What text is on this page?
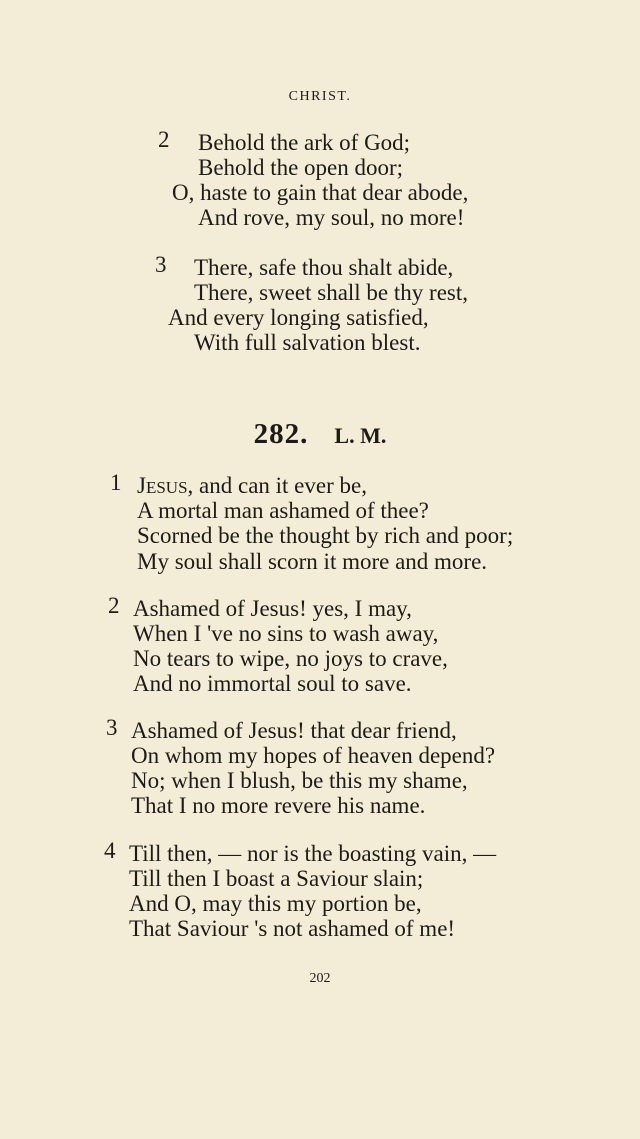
CHRIST.
2 Behold the ark of God;
Behold the open door;
O, haste to gain that dear abode,
And rove, my soul, no more!
3 There, safe thou shalt abide,
There, sweet shall be thy rest,
And every longing satisfied,
With full salvation blest.
282. L. M.
1 JESUS, and can it ever be,
A mortal man ashamed of thee?
Scorned be the thought by rich and poor;
My soul shall scorn it more and more.
2 Ashamed of Jesus! yes, I may,
When I 've no sins to wash away,
No tears to wipe, no joys to crave,
And no immortal soul to save.
3 Ashamed of Jesus! that dear friend,
On whom my hopes of heaven depend?
No; when I blush, be this my shame,
That I no more revere his name.
4 Till then, — nor is the boasting vain, —
Till then I boast a Saviour slain;
And O, may this my portion be,
That Saviour 's not ashamed of me!
202
